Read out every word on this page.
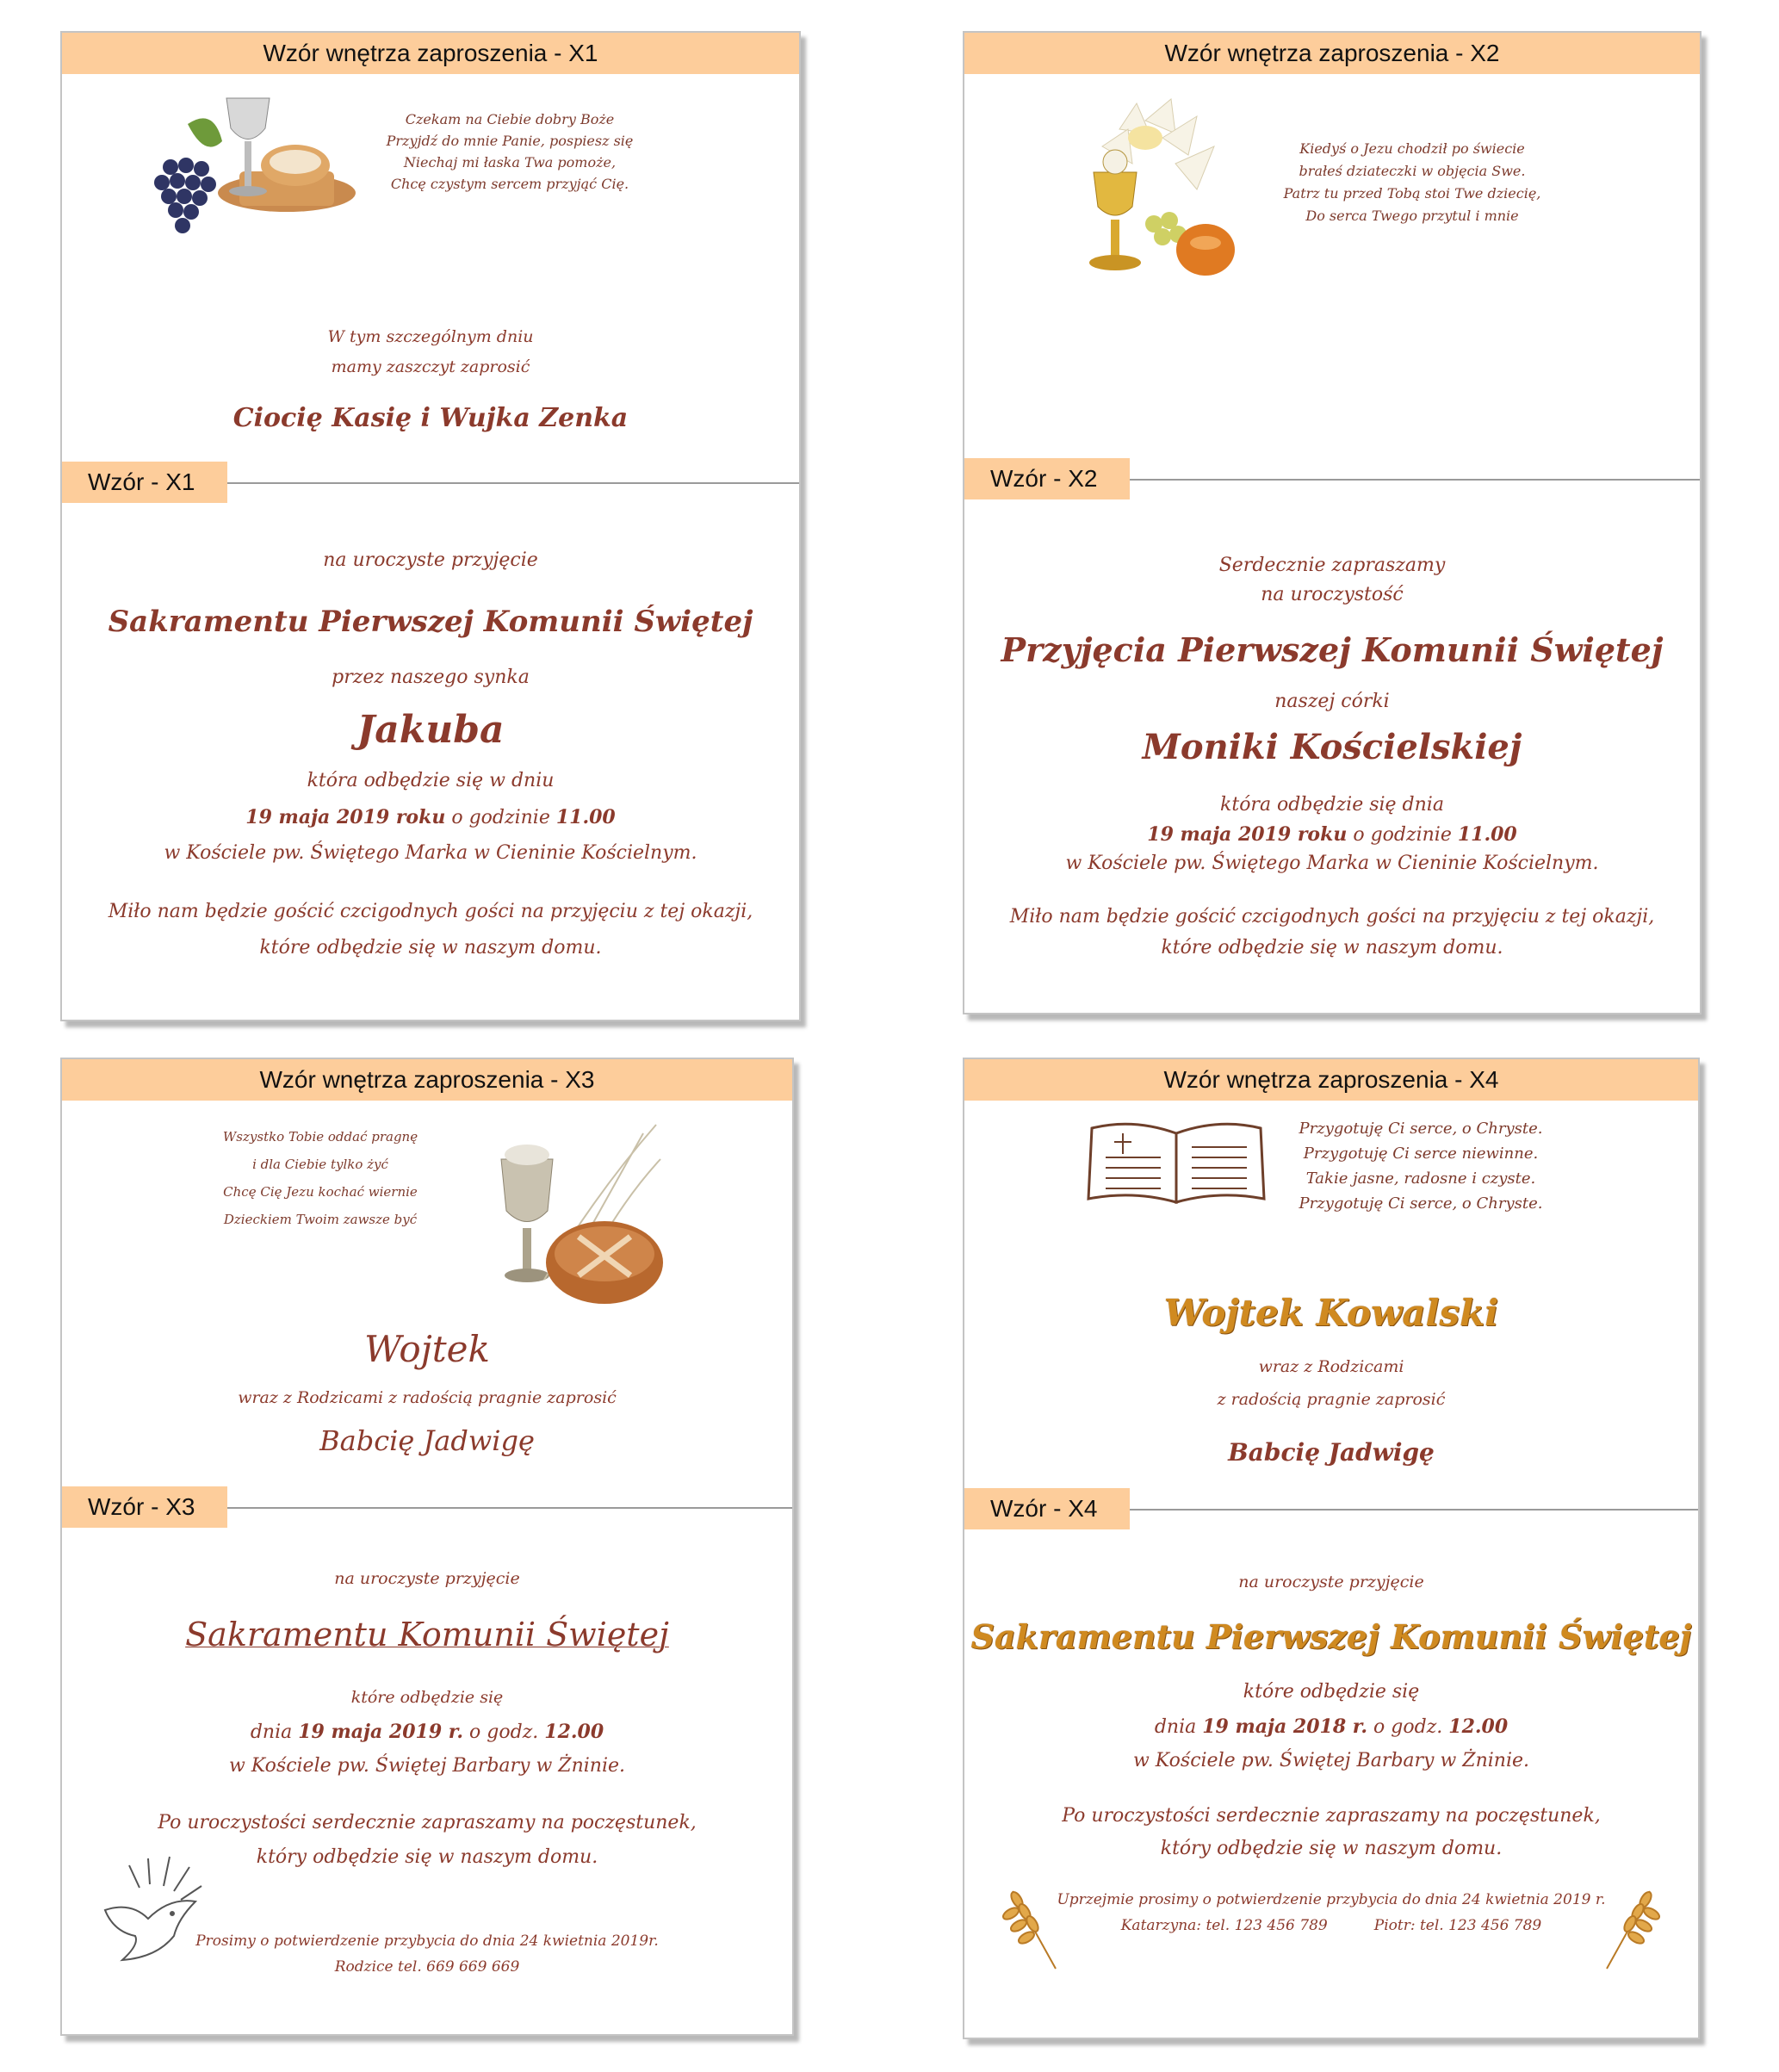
Wzór wnętrza zaproszenia - X1
Czekam na Ciebie dobry Boże
Przyjdź do mnie Panie, pospiesz się
Niechaj mi łaska Twa pomoże,
Chcę czystym sercem przyjąć Cię.
W tym szczególnym dniu
mamy zaszczyt zaprosić
Ciocię Kasię i Wujka Zenka
na uroczyste przyjęcie
Sakramentu Pierwszej Komunii Świętej
przez naszego synka
Jakuba
która odbędzie się w dniu
19 maja 2019 roku o godzinie 11.00
w Kościele pw. Świętego Marka w Cieninie Kościelnym.
Miło nam będzie gościć czcigodnych gości na przyjęciu z tej okazji,
które odbędzie się w naszym domu.
Wzór - X1
Wzór wnętrza zaproszenia - X2
Kiedyś o Jezu chodził po świecie
brałeś dziateczki w objęcia Swe.
Patrz tu przed Tobą stoi Twe dziecię,
Do serca Twego przytul i mnie
Serdecznie zapraszamy
na uroczystość
Przyjęcia Pierwszej Komunii Świętej
naszej córki
Moniki Kościelskiej
która odbędzie się dnia
19 maja 2019 roku o godzinie 11.00
w Kościele pw. Świętego Marka w Cieninie Kościelnym.
Miło nam będzie gościć czcigodnych gości na przyjęciu z tej okazji,
które odbędzie się w naszym domu.
Wzór - X2
Wzór wnętrza zaproszenia - X3
Wszystko Tobie oddać pragnę
i dla Ciebie tylko żyć
Chcę Cię Jezu kochać wiernie
Dzieckiem Twoim zawsze być
Wojtek
wraz z Rodzicami z radością pragnie zaprosić
Babcię Jadwigę
na uroczyste przyjęcie
Sakramentu Komunii Świętej
które odbędzie się
dnia 19 maja 2019 r. o godz. 12.00
w Kościele pw. Świętej Barbary w Żninie.
Po uroczystości serdecznie zapraszamy na poczęstunek,
który odbędzie się w naszym domu.
Prosimy o potwierdzenie przybycia do dnia 24 kwietnia 2019r.
Rodzice tel. 669 669 669
Wzór - X3
Wzór wnętrza zaproszenia - X4
Przygotuję Ci serce, o Chryste.
Przygotuję Ci serce niewinne.
Takie jasne, radosne i czyste.
Przygotuję Ci serce, o Chryste.
Wojtek Kowalski
wraz z Rodzicami
z radością pragnie zaprosić
Babcię Jadwigę
na uroczyste przyjęcie
Sakramentu Pierwszej Komunii Świętej
które odbędzie się
dnia 19 maja 2018 r. o godz. 12.00
w Kościele pw. Świętej Barbary w Żninie.
Po uroczystości serdecznie zapraszamy na poczęstunek,
który odbędzie się w naszym domu.
Uprzejmie prosimy o potwierdzenie przybycia do dnia 24 kwietnia 2019 r.
Katarzyna: tel. 123 456 789          Piotr: tel. 123 456 789
Wzór - X4
